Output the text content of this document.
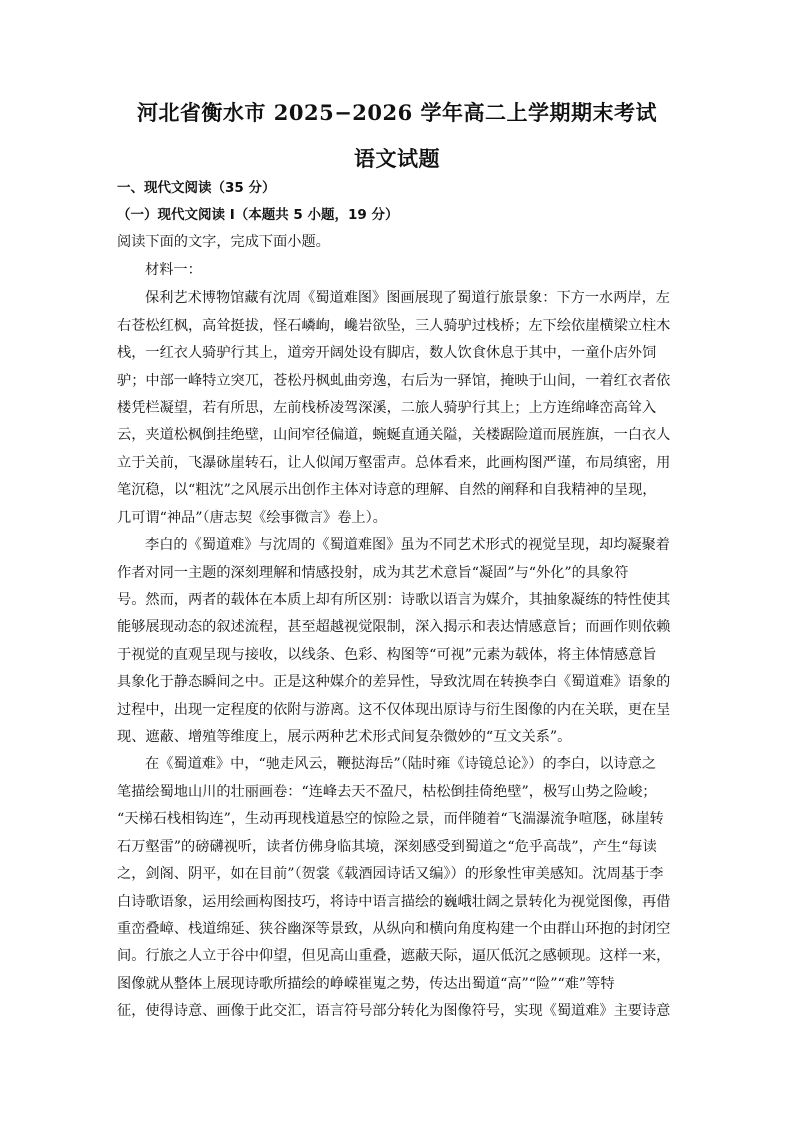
河北省衡水市 2025−2026 学年高二上学期期末考试
语文试题
一、现代文阅读（35 分）
（一）现代文阅读 I（本题共 5 小题，19 分）
阅读下面的文字，完成下面小题。
材料一：
保利艺术博物馆藏有沈周《蜀道难图》图画展现了蜀道行旅景象：下方一水两岸，左
右苍松红枫，高耸挺拔，怪石嶙峋，巉岩欲坠，三人骑驴过栈桥；左下绘依崖横梁立柱木
栈，一红衣人骑驴行其上，道旁开阔处设有脚店，数人饮食休息于其中，一童仆店外饲
驴；中部一峰特立突兀，苍松丹枫虬曲旁逸，右后为一驿馆，掩映于山间，一着红衣者依
楼凭栏凝望，若有所思，左前栈桥凌驾深溪，二旅人骑驴行其上；上方连绵峰峦高耸入
云，夹道松枫倒挂绝壁，山间窄径偏道，蜿蜒直通关隘，关楼踞险道而展旌旗，一白衣人
立于关前，飞瀑砯崖转石，让人似闻万壑雷声。总体看来，此画构图严谨，布局缜密，用
笔沉稳，以“粗沈”之风展示出创作主体对诗意的理解、自然的阐释和自我精神的呈现，
几可谓“神品”（唐志契《绘事微言》卷上）。
李白的《蜀道难》与沈周的《蜀道难图》虽为不同艺术形式的视觉呈现，却均凝聚着
作者对同一主题的深刻理解和情感投射，成为其艺术意旨“凝固”与“外化”的具象符
号。然而，两者的载体在本质上却有所区别：诗歌以语言为媒介，其抽象凝练的特性使其
能够展现动态的叙述流程，甚至超越视觉限制，深入揭示和表达情感意旨；而画作则依赖
于视觉的直观呈现与接收，以线条、色彩、构图等“可视”元素为载体，将主体情感意旨
具象化于静态瞬间之中。正是这种媒介的差异性，导致沈周在转换李白《蜀道难》语象的
过程中，出现一定程度的依附与游离。这不仅体现出原诗与衍生图像的内在关联，更在呈
现、遮蔽、增殖等维度上，展示两种艺术形式间复杂微妙的“互文关系”。
在《蜀道难》中，“驰走风云，鞭挞海岳”（陆时雍《诗镜总论》）的李白，以诗意之
笔描绘蜀地山川的壮丽画卷：“连峰去天不盈尺，枯松倒挂倚绝壁”，极写山势之险峻；
“天梯石栈相钩连”，生动再现栈道悬空的惊险之景，而伴随着“飞湍瀑流争喧豗，砯崖转
石万壑雷”的磅礴视听，读者仿佛身临其境，深刻感受到蜀道之“危乎高哉”，产生“每读
之，剑阁、阴平，如在目前”（贺裳《载酒园诗话又编》）的形象性审美感知。沈周基于李
白诗歌语象，运用绘画构图技巧，将诗中语言描绘的巍峨壮阔之景转化为视觉图像，再借
重峦叠嶂、栈道绵延、狭谷幽深等景致，从纵向和横向角度构建一个由群山环抱的封闭空
间。行旅之人立于谷中仰望，但见高山重叠，遮蔽天际，逼仄低沉之感顿现。这样一来，
图像就从整体上展现诗歌所描绘的峥嵘崔嵬之势，传达出蜀道“高”“险”“难”等特
征，使得诗意、画像于此交汇，语言符号部分转化为图像符号，实现《蜀道难》主要诗意
